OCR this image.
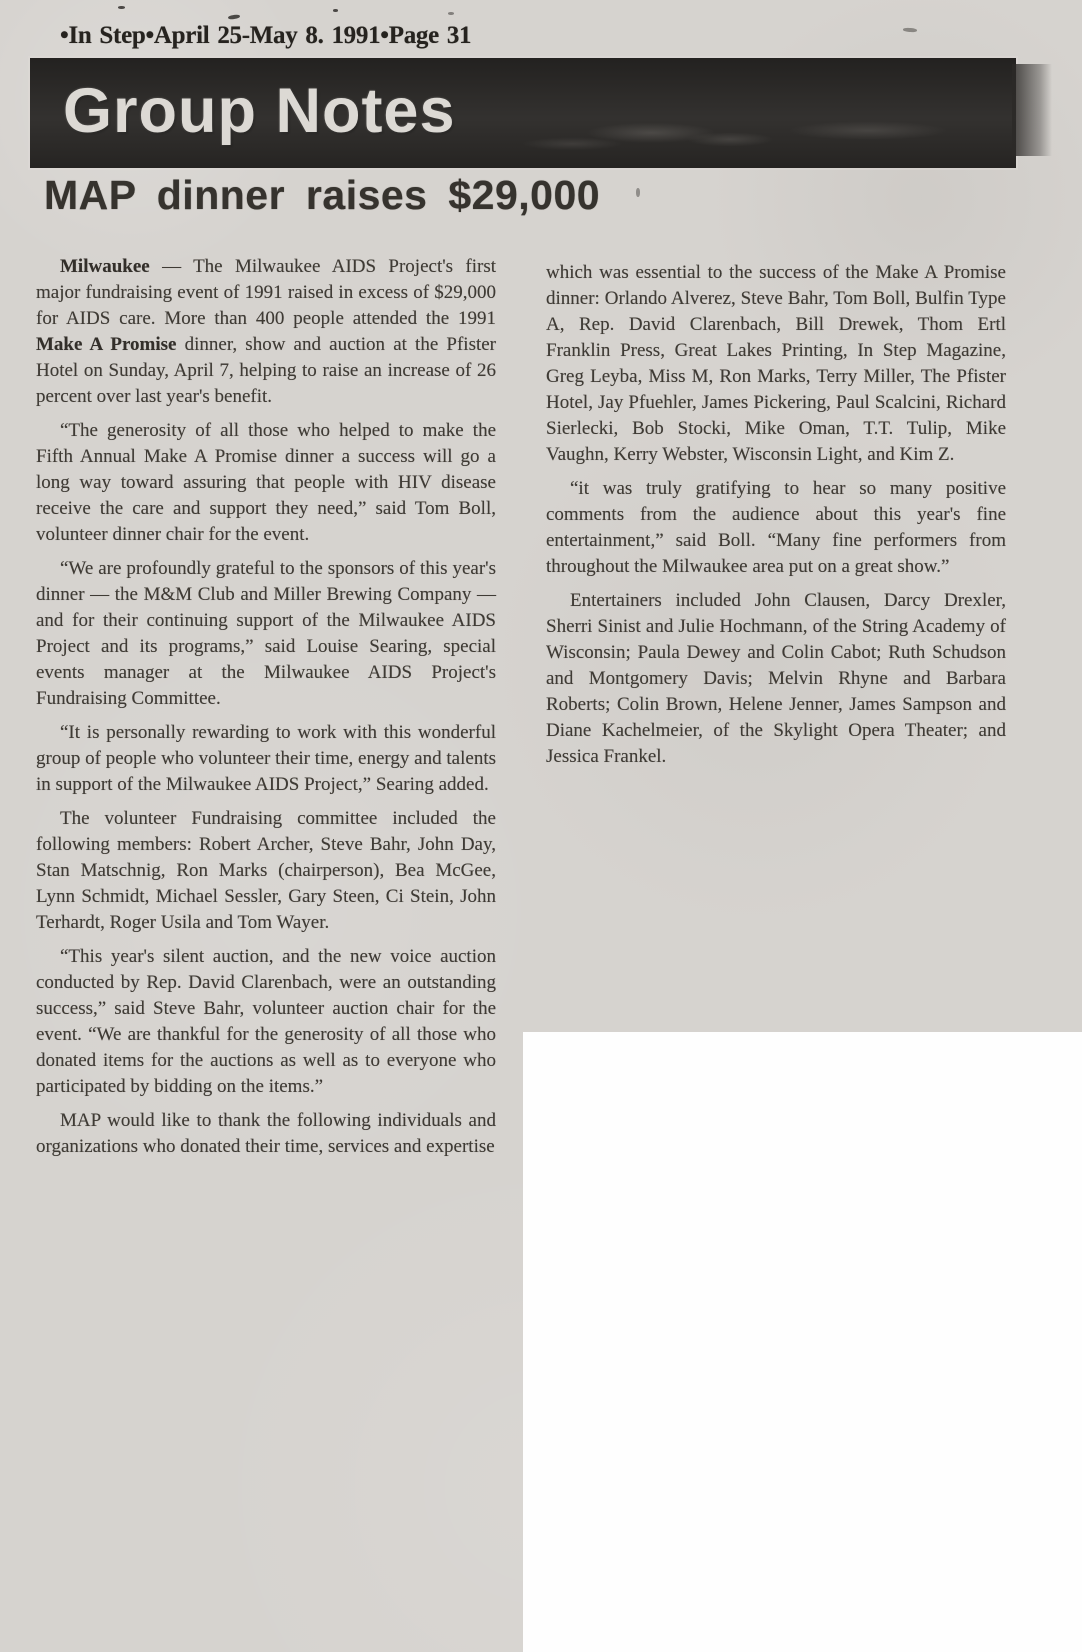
•In Step•April 25-May 8. 1991•Page 31
Group Notes
MAP dinner raises $29,000

Milwaukee — The Milwaukee AIDS Project's first major fundraising event of 1991 raised in excess of $29,000 for AIDS care. More than 400 people attended the 1991 Make A Promise dinner, show and auction at the Pfister Hotel on Sunday, April 7, helping to raise an increase of 26 percent over last year's benefit.

“The generosity of all those who helped to make the Fifth Annual Make A Promise dinner a success will go a long way toward assuring that people with HIV disease receive the care and support they need,” said Tom Boll, volunteer dinner chair for the event.

“We are profoundly grateful to the sponsors of this year's dinner — the M&M Club and Miller Brewing Company — and for their continuing support of the Milwaukee AIDS Project and its programs,” said Louise Searing, special events manager at the Milwaukee AIDS Project's Fundraising Committee.

“It is personally rewarding to work with this wonderful group of people who volunteer their time, energy and talents in support of the Milwaukee AIDS Project,” Searing added.

The volunteer Fundraising committee included the following members: Robert Archer, Steve Bahr, John Day, Stan Matschnig, Ron Marks (chairperson), Bea McGee, Lynn Schmidt, Michael Sessler, Gary Steen, Ci Stein, John Terhardt, Roger Usila and Tom Wayer.

“This year's silent auction, and the new voice auction conducted by Rep. David Clarenbach, were an outstanding success,” said Steve Bahr, volunteer auction chair for the event. “We are thankful for the generosity of all those who donated items for the auctions as well as to everyone who participated by bidding on the items.”

MAP would like to thank the following individuals and organizations who donated their time, services and expertise

which was essential to the success of the Make A Promise dinner: Orlando Alverez, Steve Bahr, Tom Boll, Bulfin Type A, Rep. David Clarenbach, Bill Drewek, Thom Ertl Franklin Press, Great Lakes Printing, In Step Magazine, Greg Leyba, Miss M, Ron Marks, Terry Miller, The Pfister Hotel, Jay Pfuehler, James Pickering, Paul Scalcini, Richard Sierlecki, Bob Stocki, Mike Oman, T.T. Tulip, Mike Vaughn, Kerry Webster, Wisconsin Light, and Kim Z.

“it was truly gratifying to hear so many positive comments from the audience about this year's fine entertainment,” said Boll. “Many fine performers from throughout the Milwaukee area put on a great show.”

Entertainers included John Clausen, Darcy Drexler, Sherri Sinist and Julie Hochmann, of the String Academy of Wisconsin; Paula Dewey and Colin Cabot; Ruth Schudson and Montgomery Davis; Melvin Rhyne and Barbara Roberts; Colin Brown, Helene Jenner, James Sampson and Diane Kachelmeier, of the Skylight Opera Theater; and Jessica Frankel.
